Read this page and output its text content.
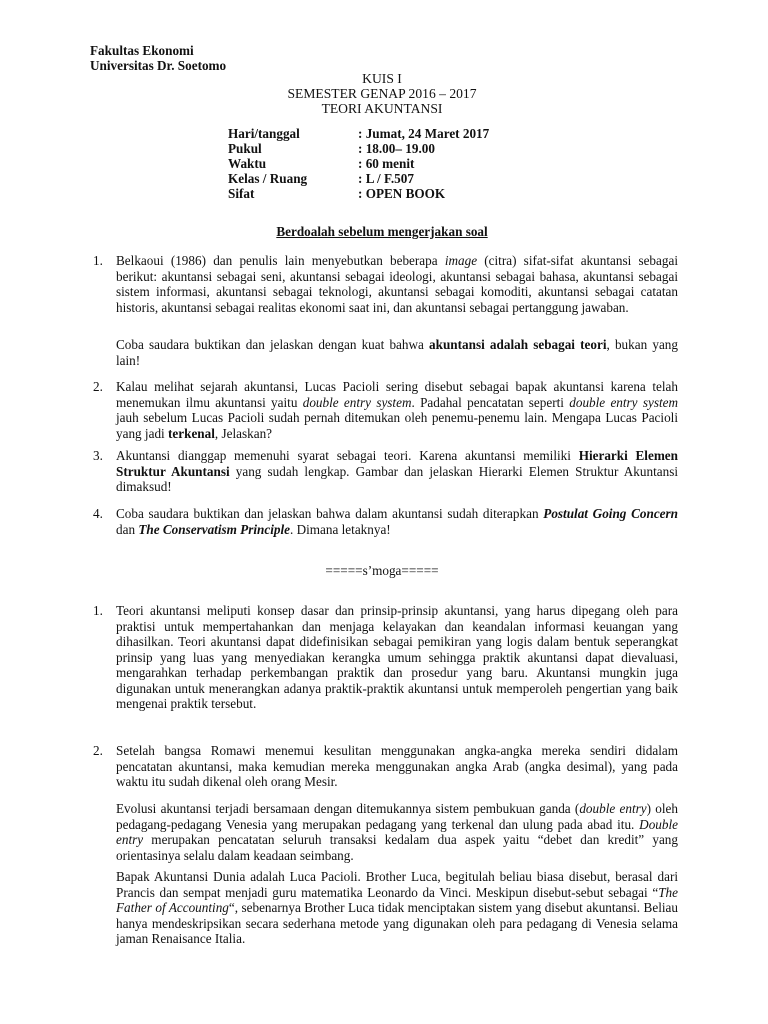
Fakultas Ekonomi
Universitas Dr. Soetomo
KUIS I
SEMESTER GENAP 2016 – 2017
TEORI AKUNTANSI
Hari/tanggal	: Jumat, 24 Maret 2017
Pukul	: 18.00– 19.00
Waktu	: 60 menit
Kelas / Ruang	: L / F.507
Sifat	: OPEN BOOK
Berdoalah sebelum mengerjakan soal
1. Belkaoui (1986) dan penulis lain menyebutkan beberapa image (citra) sifat-sifat akuntansi sebagai berikut: akuntansi sebagai seni, akuntansi sebagai ideologi, akuntansi sebagai bahasa, akuntansi sebagai sistem informasi, akuntansi sebagai teknologi, akuntansi sebagai komoditi, akuntansi sebagai catatan historis, akuntansi sebagai realitas ekonomi saat ini, dan akuntansi sebagai pertanggung jawaban.
Coba saudara buktikan dan jelaskan dengan kuat bahwa akuntansi adalah sebagai teori, bukan yang lain!
2. Kalau melihat sejarah akuntansi, Lucas Pacioli sering disebut sebagai bapak akuntansi karena telah menemukan ilmu akuntansi yaitu double entry system. Padahal pencatatan seperti double entry system jauh sebelum Lucas Pacioli sudah pernah ditemukan oleh penemu-penemu lain. Mengapa Lucas Pacioli yang jadi terkenal, Jelaskan?
3. Akuntansi dianggap memenuhi syarat sebagai teori. Karena akuntansi memiliki Hierarki Elemen Struktur Akuntansi yang sudah lengkap. Gambar dan jelaskan Hierarki Elemen Struktur Akuntansi dimaksud!
4. Coba saudara buktikan dan jelaskan bahwa dalam akuntansi sudah diterapkan Postulat Going Concern dan The Conservatism Principle. Dimana letaknya!
=====s’moga=====
1. Teori akuntansi meliputi konsep dasar dan prinsip-prinsip akuntansi, yang harus dipegang oleh para praktisi untuk mempertahankan dan menjaga kelayakan dan keandalan informasi keuangan yang dihasilkan. Teori akuntansi dapat didefinisikan sebagai pemikiran yang logis dalam bentuk seperangkat prinsip yang luas yang menyediakan kerangka umum sehingga praktik akuntansi dapat dievaluasi, mengarahkan terhadap perkembangan praktik dan prosedur yang baru. Akuntansi mungkin juga digunakan untuk menerangkan adanya praktik-praktik akuntansi untuk memperoleh pengertian yang baik mengenai praktik tersebut.
2. Setelah bangsa Romawi menemui kesulitan menggunakan angka-angka mereka sendiri didalam pencatatan akuntansi, maka kemudian mereka menggunakan angka Arab (angka desimal), yang pada waktu itu sudah dikenal oleh orang Mesir.
Evolusi akuntansi terjadi bersamaan dengan ditemukannya sistem pembukuan ganda (double entry) oleh pedagang-pedagang Venesia yang merupakan pedagang yang terkenal dan ulung pada abad itu. Double entry merupakan pencatatan seluruh transaksi kedalam dua aspek yaitu “debet dan kredit” yang orientasinya selalu dalam keadaan seimbang.
Bapak Akuntansi Dunia adalah Luca Pacioli. Brother Luca, begitulah beliau biasa disebut, berasal dari Prancis dan sempat menjadi guru matematika Leonardo da Vinci. Meskipun disebut-sebut sebagai “The Father of Accounting“, sebenarnya Brother Luca tidak menciptakan sistem yang disebut akuntansi. Beliau hanya mendeskripsikan secara sederhana metode yang digunakan oleh para pedagang di Venesia selama jaman Renaisance Italia.
